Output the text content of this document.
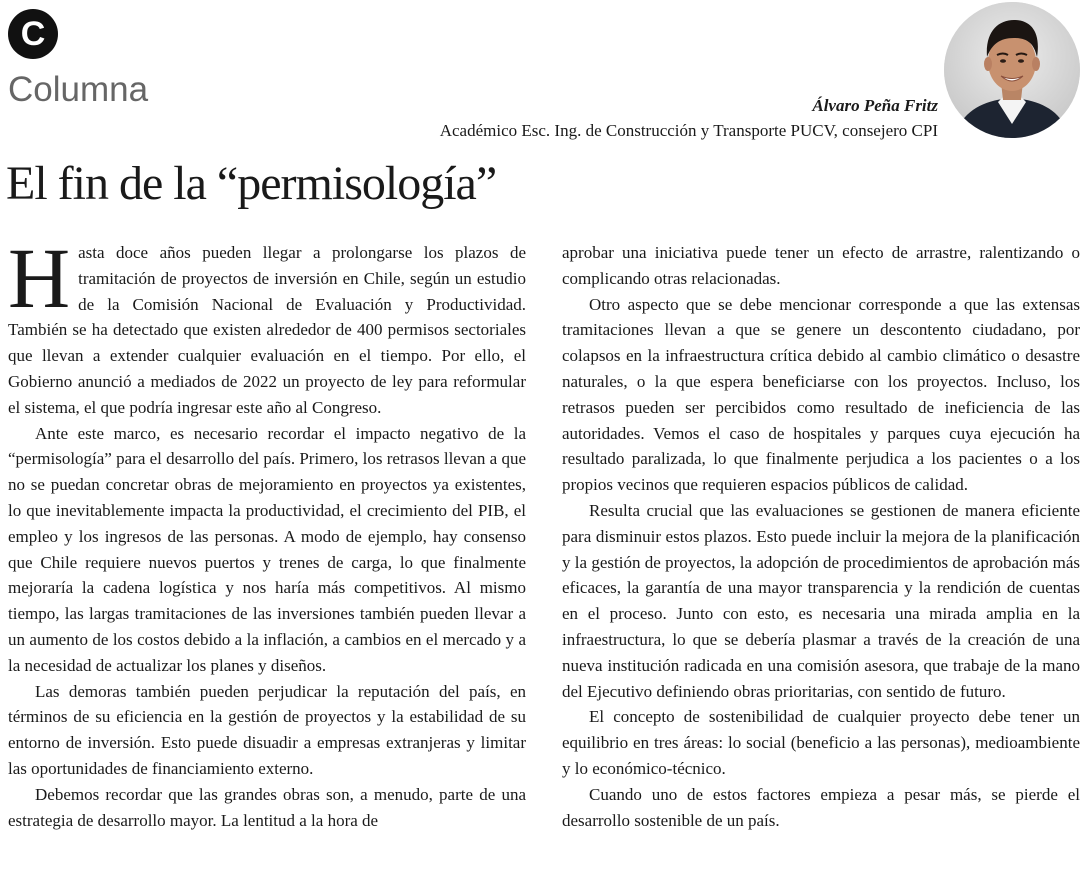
C
Columna	Álvaro Peña Fritz
Académico Esc. Ing. de Construcción y Transporte PUCV, consejero CPI
El fin de la “permisología”

Hasta doce años pueden llegar a prolongarse los plazos de tramitación de proyectos de inversión en Chile, según un estudio de la Comisión Nacional de Evaluación y Productividad. También se ha detectado que existen alrededor de 400 permisos sectoriales que llevan a extender cualquier evaluación en el tiempo. Por ello, el Gobierno anunció a mediados de 2022 un proyecto de ley para reformular el sistema, el que podría ingresar este año al Congreso.

Ante este marco, es necesario recordar el impacto negativo de la “permisología” para el desarrollo del país. Primero, los retrasos llevan a que no se puedan concretar obras de mejoramiento en proyectos ya existentes, lo que inevitablemente impacta la productividad, el crecimiento del PIB, el empleo y los ingresos de las personas. A modo de ejemplo, hay consenso que Chile requiere nuevos puertos y trenes de carga, lo que finalmente mejoraría la cadena logística y nos haría más competitivos. Al mismo tiempo, las largas tramitaciones de las inversiones también pueden llevar a un aumento de los costos debido a la inflación, a cambios en el mercado y a la necesidad de actualizar los planes y diseños.

Las demoras también pueden perjudicar la reputación del país, en términos de su eficiencia en la gestión de proyectos y la estabilidad de su entorno de inversión. Esto puede disuadir a empresas extranjeras y limitar las oportunidades de financiamiento externo.

Debemos recordar que las grandes obras son, a menudo, parte de una estrategia de desarrollo mayor. La lentitud a la hora de

aprobar una iniciativa puede tener un efecto de arrastre, ralentizando o complicando otras relacionadas.

Otro aspecto que se debe mencionar corresponde a que las extensas tramitaciones llevan a que se genere un descontento ciudadano, por colapsos en la infraestructura crítica debido al cambio climático o desastre naturales, o la que espera beneficiarse con los proyectos. Incluso, los retrasos pueden ser percibidos como resultado de ineficiencia de las autoridades. Vemos el caso de hospitales y parques cuya ejecución ha resultado paralizada, lo que finalmente perjudica a los pacientes o a los propios vecinos que requieren espacios públicos de calidad.

Resulta crucial que las evaluaciones se gestionen de manera eficiente para disminuir estos plazos. Esto puede incluir la mejora de la planificación y la gestión de proyectos, la adopción de procedimientos de aprobación más eficaces, la garantía de una mayor transparencia y la rendición de cuentas en el proceso. Junto con esto, es necesaria una mirada amplia en la infraestructura, lo que se debería plasmar a través de la creación de una nueva institución radicada en una comisión asesora, que trabaje de la mano del Ejecutivo definiendo obras prioritarias, con sentido de futuro.

El concepto de sostenibilidad de cualquier proyecto debe tener un equilibrio en tres áreas: lo social (beneficio a las personas), medioambiente y lo económico-técnico.

Cuando uno de estos factores empieza a pesar más, se pierde el desarrollo sostenible de un país.
